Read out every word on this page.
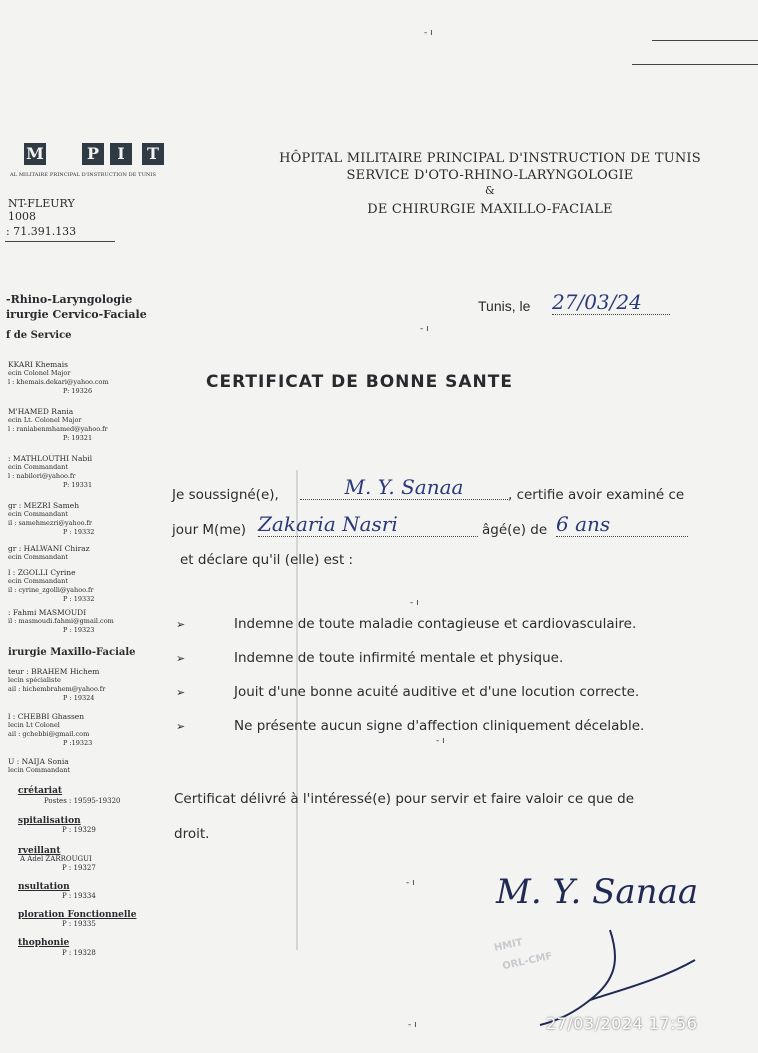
M	P	I	T
AL MILITAIRE PRINCIPAL D'INSTRUCTION DE TUNIS
NT-FLEURY
1008
: 71.391.133
HÔPITAL MILITAIRE PRINCIPAL D'INSTRUCTION DE TUNIS
SERVICE D'OTO-RHINO-LARYNGOLOGIE
&
DE CHIRURGIE MAXILLO-FACIALE
-Rhino-Laryngologie
irurgie Cervico-Faciale
f de Service
KKARI Khemais
ecin Colonel Major
l : khemais.dekari@yahoo.com
P: 19326
M'HAMED Rania
ecin Lt. Colonel Major
l : raniabenmhamed@yahoo.fr
P: 19321
: MATHLOUTHI Nabil
ecin Commandant
l : nabilori@yahoo.fr
P: 19331
gr : MEZRI Sameh
ecin Commandant
il : samehmezri@yahoo.fr
P : 19332
gr : HALWANI Chiraz
ecin Commandant
l : ZGOLLI Cyrine
ecin Commandant
il : cyrine_zgolli@yahoo.fr
P : 19332
: Fahmi MASMOUDI
il : masmoudi.fahmi@gmail.com
P : 19323
irurgie Maxillo-Faciale
teur : BRAHEM Hichem
lecin spécialiste
ail : hichembrahem@yahoo.fr
P : 19324
l : CHEBBI Ghassen
lecin Lt Colonel
ail : gchebbi@gmail.com
P :19323
U : NAIJA Sonia
lecin Commandant
crétariat
Postes : 19595-19320
spitalisation
P : 19329
rveillant
A Adel ZARROUGUI
P : 19327
nsultation
P : 19334
ploration Fonctionnelle
P : 19335
thophonie
P : 19328
Tunis, le 27/03/24
CERTIFICAT DE BONNE SANTE
Je soussigné(e),	M. Y. Sanaa	, certifie avoir examiné ce
jour M(me) Zakaria Nasri	âgé(e) de 6 ans
et déclare qu'il (elle) est :
➢	Indemne de toute maladie contagieuse et cardiovasculaire.
➢	Indemne de toute infirmité mentale et physique.
➢	Jouit d'une bonne acuité auditive et d'une locution correcte.
➢	Ne présente aucun signe d'affection cliniquement décelable.
Certificat délivré à l'intéressé(e) pour servir et faire valoir ce que de
droit.
HMIT
ORL-CMF
M. Y. Sanaa
- ı
- ı
- ı
- ı
- ı
- ı	27/03/2024 17:56
